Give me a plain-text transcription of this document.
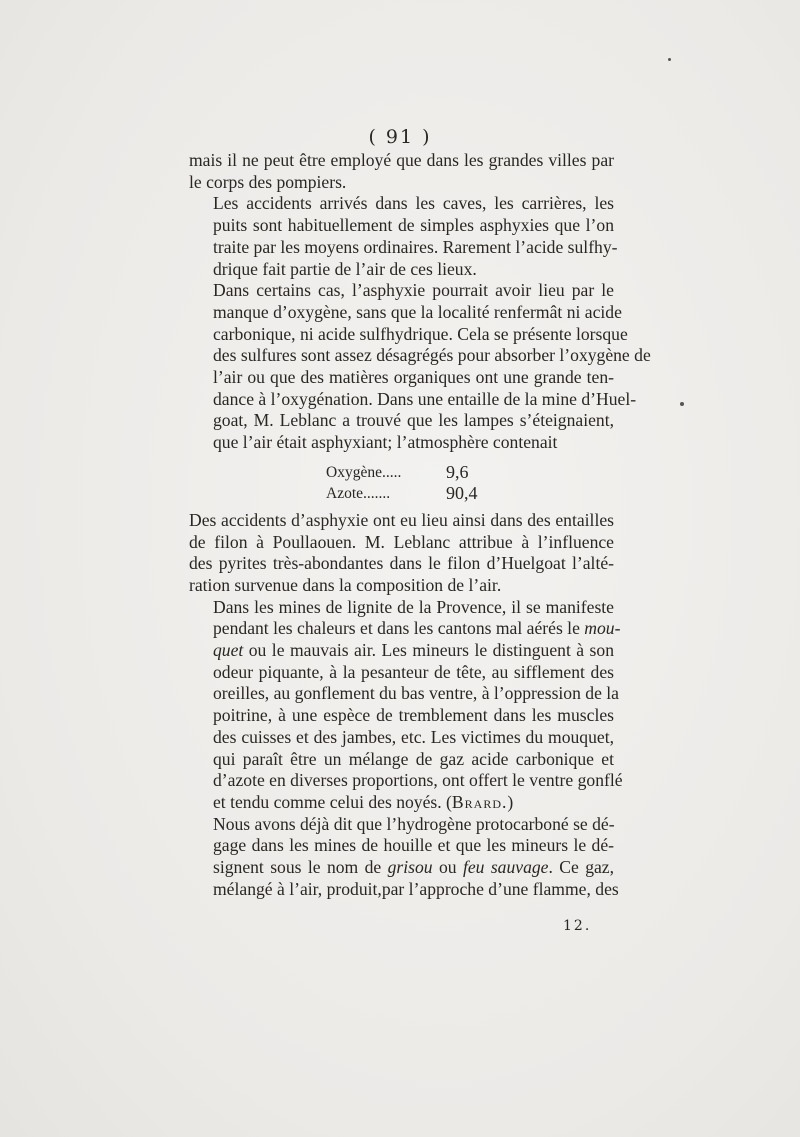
( 91 )

mais il ne peut être employé que dans les grandes villes par
le corps des pompiers.

Les accidents arrivés dans les caves, les carrières, les
puits sont habituellement de simples asphyxies que l’on
traite par les moyens ordinaires. Rarement l’acide sulfhy-
drique fait partie de l’air de ces lieux.

Dans certains cas, l’asphyxie pourrait avoir lieu par le
manque d’oxygène, sans que la localité renfermât ni acide
carbonique, ni acide sulfhydrique. Cela se présente lorsque
des sulfures sont assez désagrégés pour absorber l’oxygène de
l’air ou que des matières organiques ont une grande ten-
dance à l’oxygénation. Dans une entaille de la mine d’Huel-
goat, M. Leblanc a trouvé que les lampes s’éteignaient,
que l’air était asphyxiant; l’atmosphère contenait

Oxygène.....	9,6
Azote.......	90,4

Des accidents d’asphyxie ont eu lieu ainsi dans des entailles
de filon à Poullaouen. M. Leblanc attribue à l’influence
des pyrites très-abondantes dans le filon d’Huelgoat l’alté-
ration survenue dans la composition de l’air.

Dans les mines de lignite de la Provence, il se manifeste
pendant les chaleurs et dans les cantons mal aérés le mou-
quet ou le mauvais air. Les mineurs le distinguent à son
odeur piquante, à la pesanteur de tête, au sifflement des
oreilles, au gonflement du bas ventre, à l’oppression de la
poitrine, à une espèce de tremblement dans les muscles
des cuisses et des jambes, etc. Les victimes du mouquet,
qui paraît être un mélange de gaz acide carbonique et
d’azote en diverses proportions, ont offert le ventre gonflé
et tendu comme celui des noyés. (Brard.)

Nous avons déjà dit que l’hydrogène protocarboné se dé-
gage dans les mines de houille et que les mineurs le dé-
signent sous le nom de grisou ou feu sauvage. Ce gaz,
mélangé à l’air, produit,par l’approche d’une flamme, des

12.
